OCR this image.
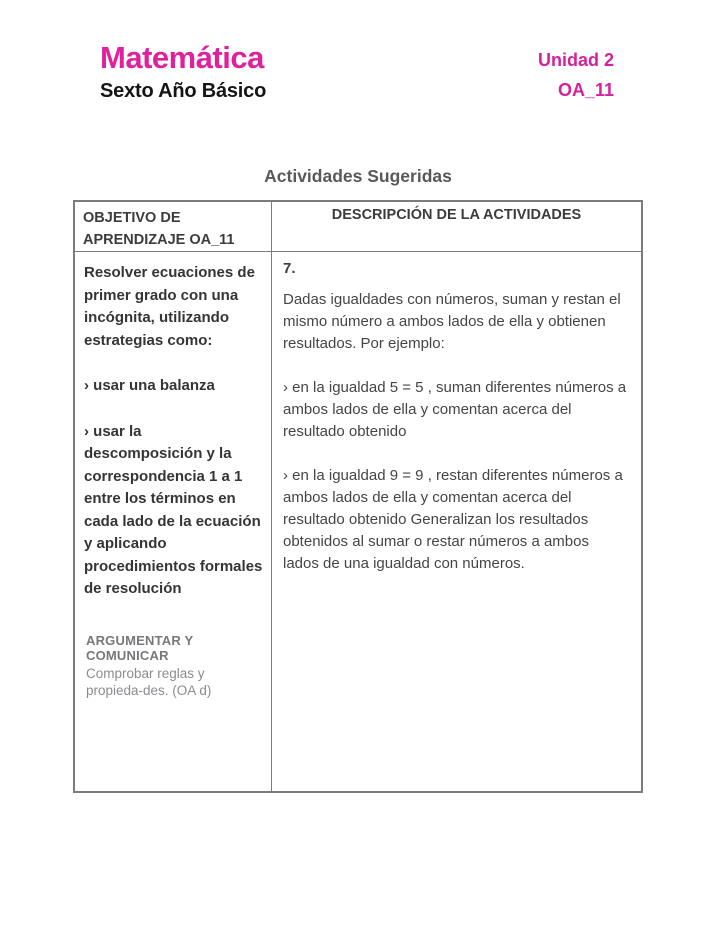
Matemática
Sexto Año Básico
Unidad 2
OA_11
Actividades Sugeridas
OBJETIVO DE APRENDIZAJE OA_11
DESCRIPCIÓN DE LA ACTIVIDADES

Resolver ecuaciones de primer grado con una incógnita, utilizando estrategias como:

› usar una balanza

› usar la descomposición y la correspondencia 1 a 1 entre los términos en cada lado de la ecuación y aplicando procedimientos formales de resolución

ARGUMENTAR Y COMUNICAR
Comprobar reglas y propieda-des. (OA d)
7.

Dadas igualdades con números, suman y restan el mismo número a ambos lados de ella y obtienen resultados. Por ejemplo:

› en la igualdad 5 = 5 , suman diferentes números a ambos lados de ella y comentan acerca del resultado obtenido

› en la igualdad 9 = 9 , restan diferentes números a ambos lados de ella y comentan acerca del resultado obtenido Generalizan los resultados obtenidos al sumar o restar números a ambos lados de una igualdad con números.
